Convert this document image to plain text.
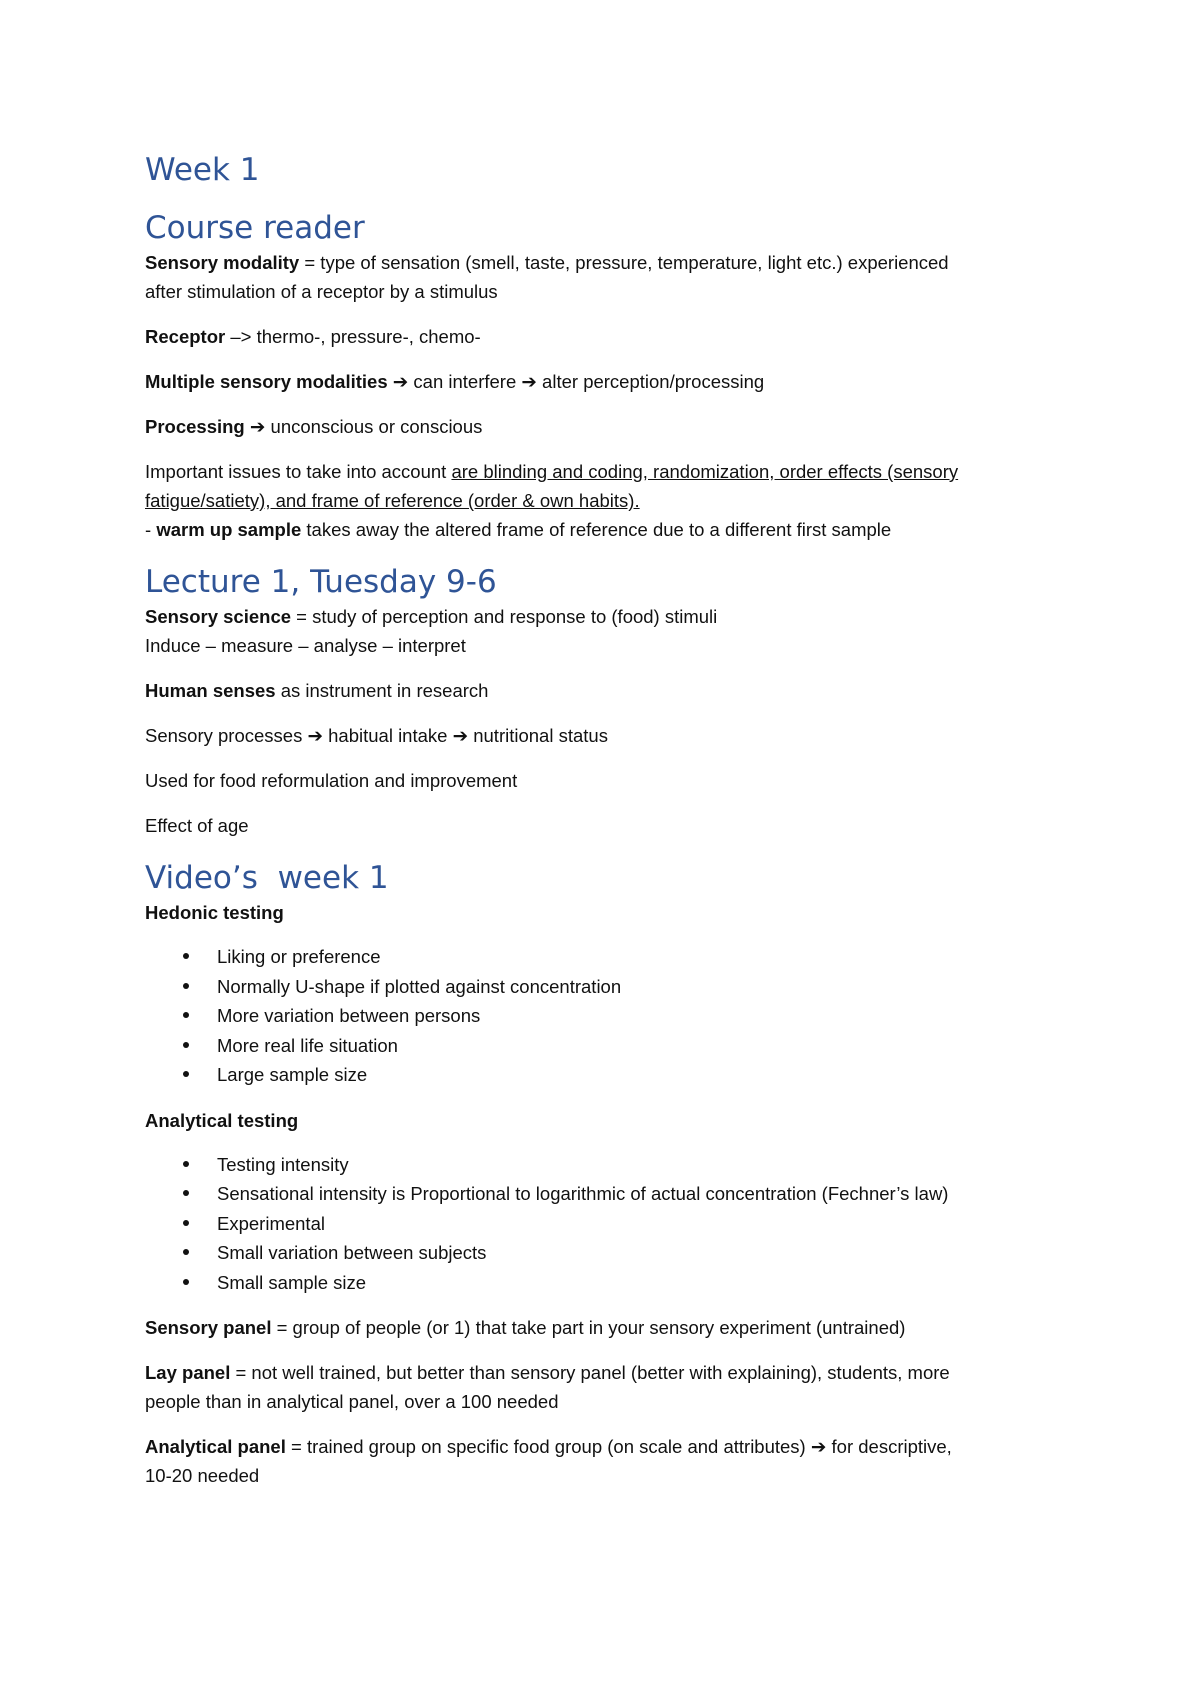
Week 1
Course reader

Sensory modality = type of sensation (smell, taste, pressure, temperature, light etc.) experienced
after stimulation of a receptor by a stimulus

Receptor –> thermo-, pressure-, chemo-

Multiple sensory modalities ➔ can interfere ➔ alter perception/processing

Processing ➔ unconscious or conscious

Important issues to take into account are blinding and coding, randomization, order effects (sensory
fatigue/satiety), and frame of reference (order & own habits).
- warm up sample takes away the altered frame of reference due to a different first sample

Lecture 1, Tuesday 9-6

Sensory science = study of perception and response to (food) stimuli
Induce – measure – analyse – interpret

Human senses as instrument in research

Sensory processes ➔ habitual intake ➔ nutritional status

Used for food reformulation and improvement

Effect of age

Video’s  week 1

Hedonic testing

Liking or preference
Normally U-shape if plotted against concentration
More variation between persons
More real life situation
Large sample size

Analytical testing

Testing intensity
Sensational intensity is Proportional to logarithmic of actual concentration (Fechner’s law)
Experimental
Small variation between subjects
Small sample size

Sensory panel = group of people (or 1) that take part in your sensory experiment (untrained)

Lay panel = not well trained, but better than sensory panel (better with explaining), students, more
people than in analytical panel, over a 100 needed

Analytical panel = trained group on specific food group (on scale and attributes) ➔ for descriptive,
10-20 needed
